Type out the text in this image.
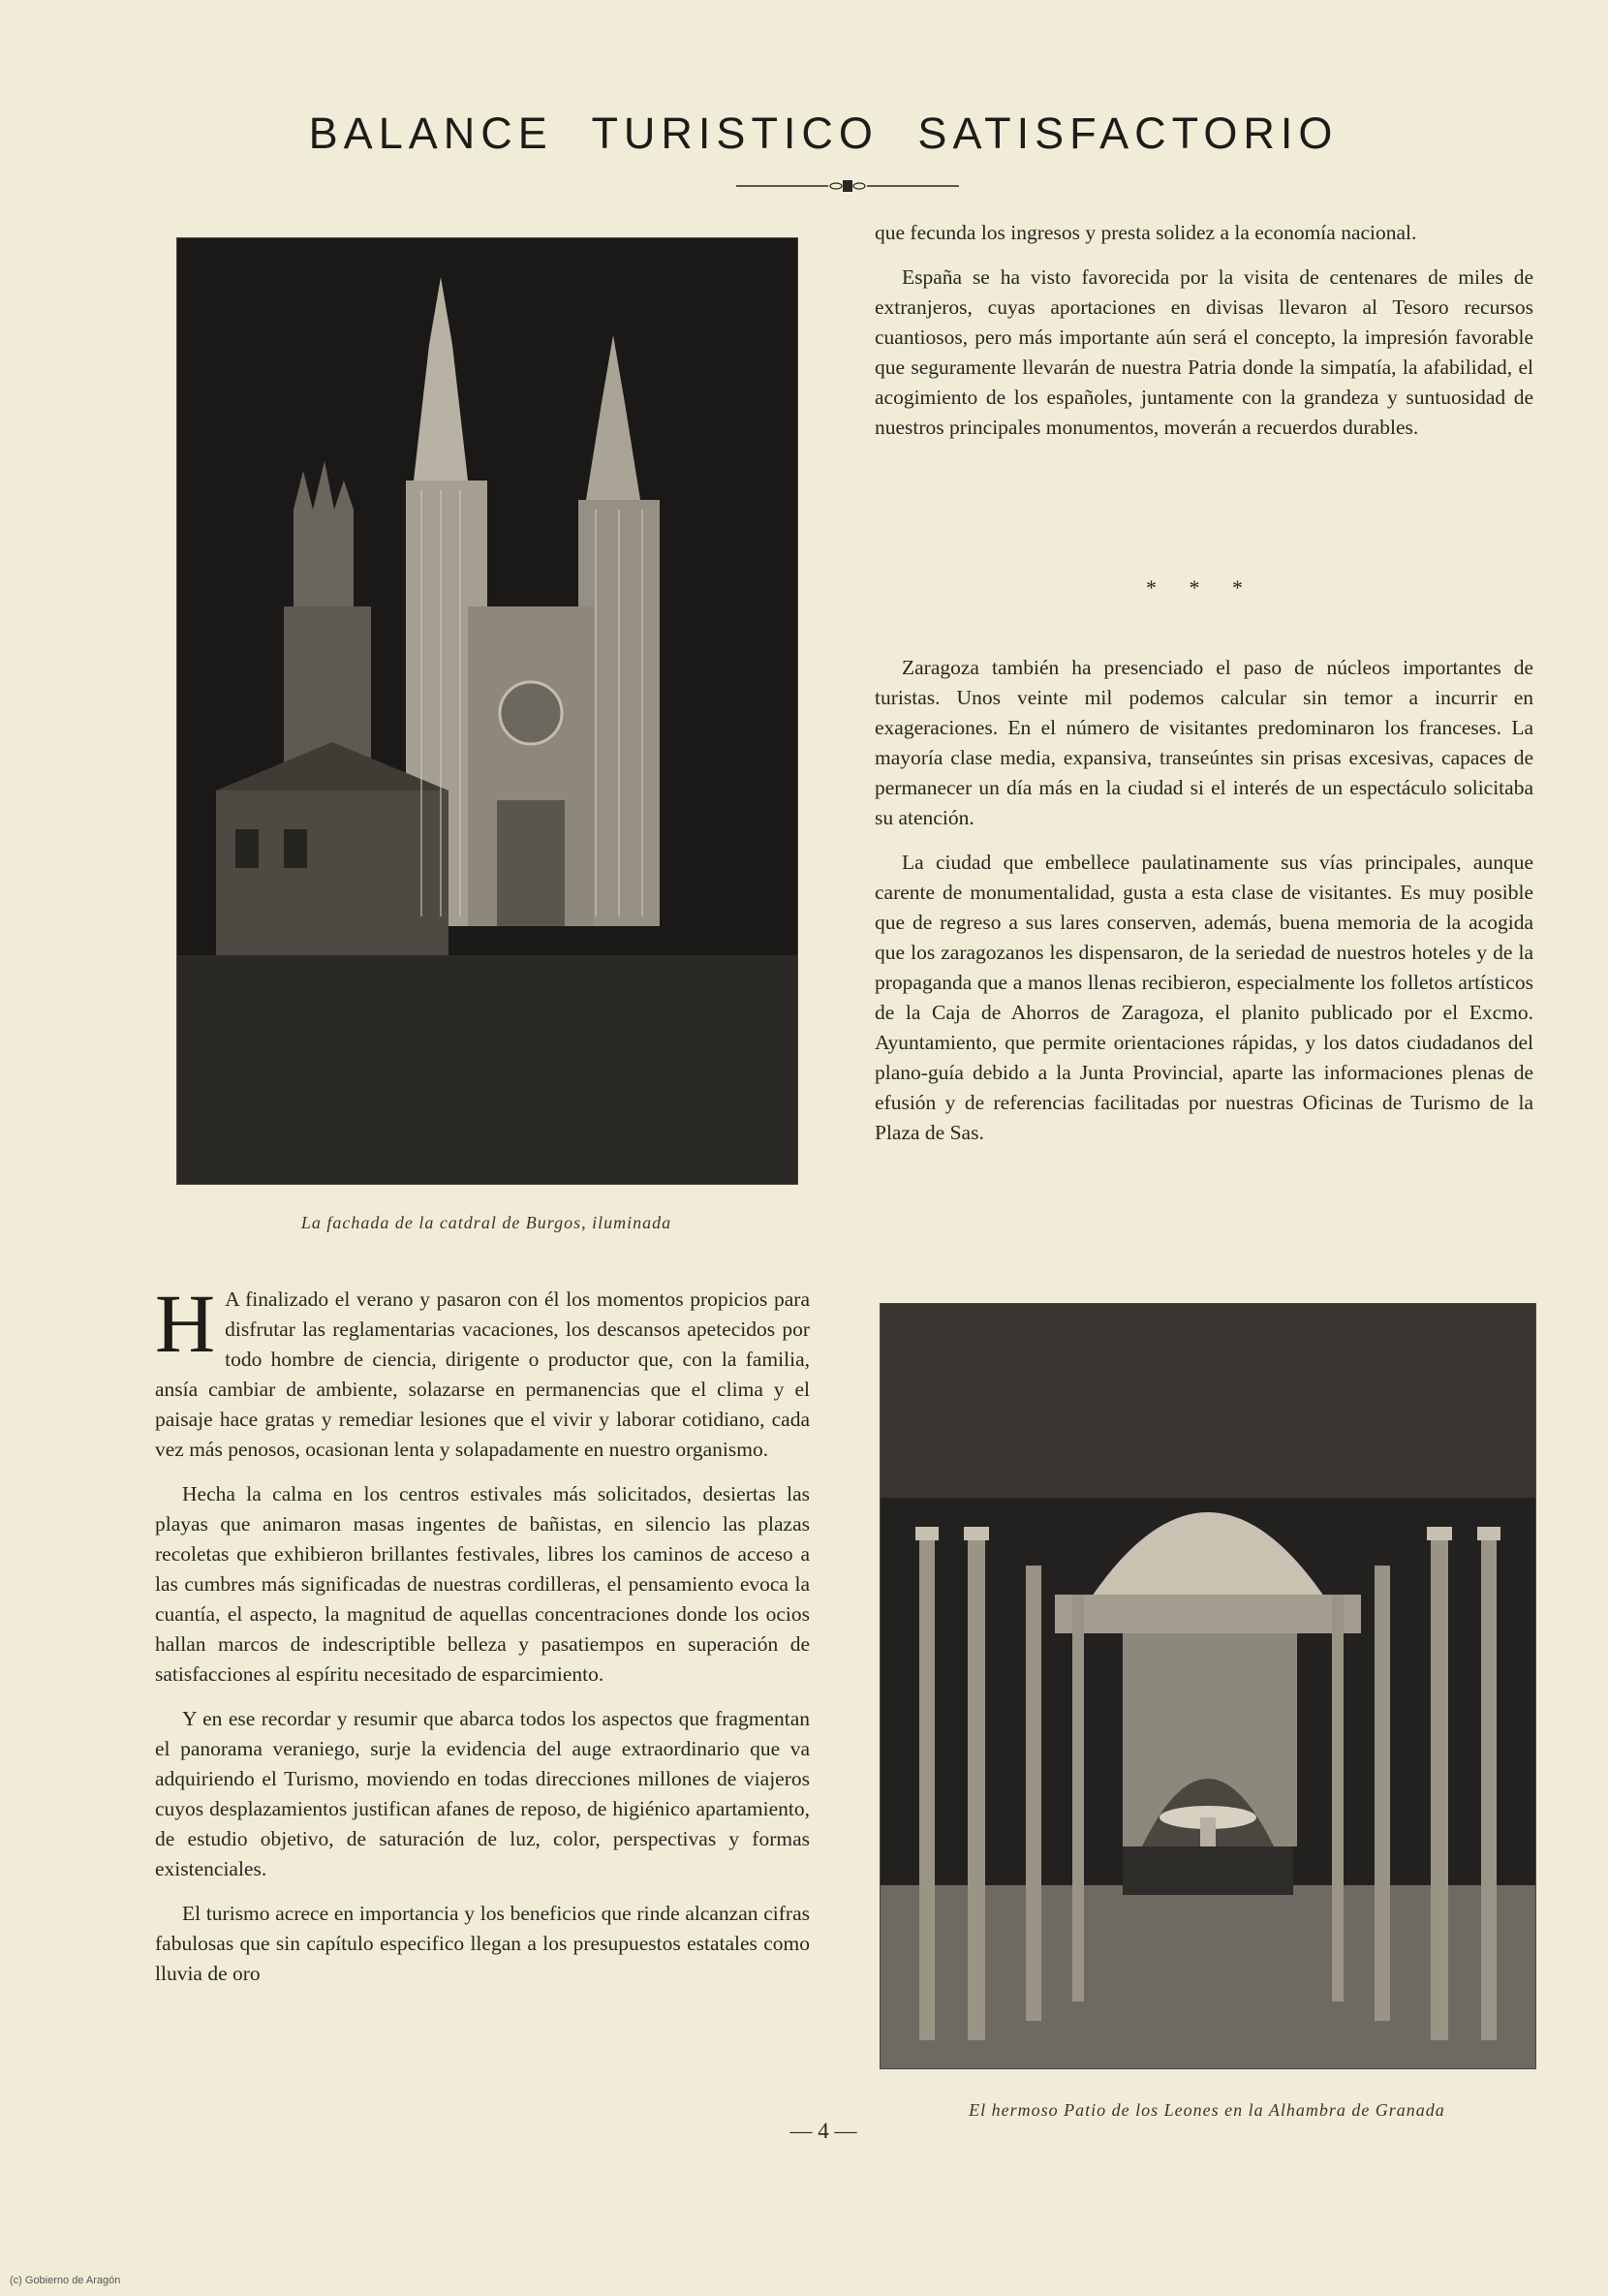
BALANCE TURISTICO SATISFACTORIO
La fachada de la catdral de Burgos, iluminada

que fecunda los ingresos y presta solidez a la economía nacional.

España se ha visto favorecida por la visita de centenares de miles de extranjeros, cuyas aportaciones en divisas llevaron al Tesoro recursos cuantiosos, pero más importante aún será el concepto, la impresión favorable que seguramente llevarán de nuestra Patria donde la simpatía, la afabilidad, el acogimiento de los españoles, juntamente con la grandeza y suntuosidad de nuestros principales monumentos, moverán a recuerdos durables.

* * *

Zaragoza también ha presenciado el paso de núcleos importantes de turistas. Unos veinte mil podemos calcular sin temor a incurrir en exageraciones. En el número de visitantes predominaron los franceses. La mayoría clase media, expansiva, transeúntes sin prisas excesivas, capaces de permanecer un día más en la ciudad si el interés de un espectáculo solicitaba su atención.

La ciudad que embellece paulatinamente sus vías principales, aunque carente de monumentalidad, gusta a esta clase de visitantes. Es muy posible que de regreso a sus lares conserven, además, buena memoria de la acogida que los zaragozanos les dispensaron, de la seriedad de nuestros hoteles y de la propaganda que a manos llenas recibieron, especialmente los folletos artísticos de la Caja de Ahorros de Zaragoza, el planito publicado por el Excmo. Ayuntamiento, que permite orientaciones rápidas, y los datos ciudadanos del plano-guía debido a la Junta Provincial, aparte las informaciones plenas de efusión y de referencias facilitadas por nuestras Oficinas de Turismo de la Plaza de Sas.

El hermoso Patio de los Leones en la Alhambra de Granada

H A finalizado el verano y pasaron con él los momentos propicios para disfrutar las reglamentarias vacaciones, los descansos apetecidos por todo hombre de ciencia, dirigente o productor que, con la familia, ansía cambiar de ambiente, solazarse en permanencias que el clima y el paisaje hace gratas y remediar lesiones que el vivir y laborar cotidiano, cada vez más penosos, ocasionan lenta y solapadamente en nuestro organismo.

Hecha la calma en los centros estivales más solicitados, desiertas las playas que animaron masas ingentes de bañistas, en silencio las plazas recoletas que exhibieron brillantes festivales, libres los caminos de acceso a las cumbres más significadas de nuestras cordilleras, el pensamiento evoca la cuantía, el aspecto, la magnitud de aquellas concentraciones donde los ocios hallan marcos de indescriptible belleza y pasatiempos en superación de satisfacciones al espíritu necesitado de esparcimiento.

Y en ese recordar y resumir que abarca todos los aspectos que fragmentan el panorama veraniego, surje la evidencia del auge extraordinario que va adquiriendo el Turismo, moviendo en todas direcciones millones de viajeros cuyos desplazamientos justifican afanes de reposo, de higiénico apartamiento, de estudio objetivo, de saturación de luz, color, perspectivas y formas existenciales.

El turismo acrece en importancia y los beneficios que rinde alcanzan cifras fabulosas que sin capítulo especifico llegan a los presupuestos estatales como lluvia de oro

— 4 —
(c) Gobierno de Aragón
